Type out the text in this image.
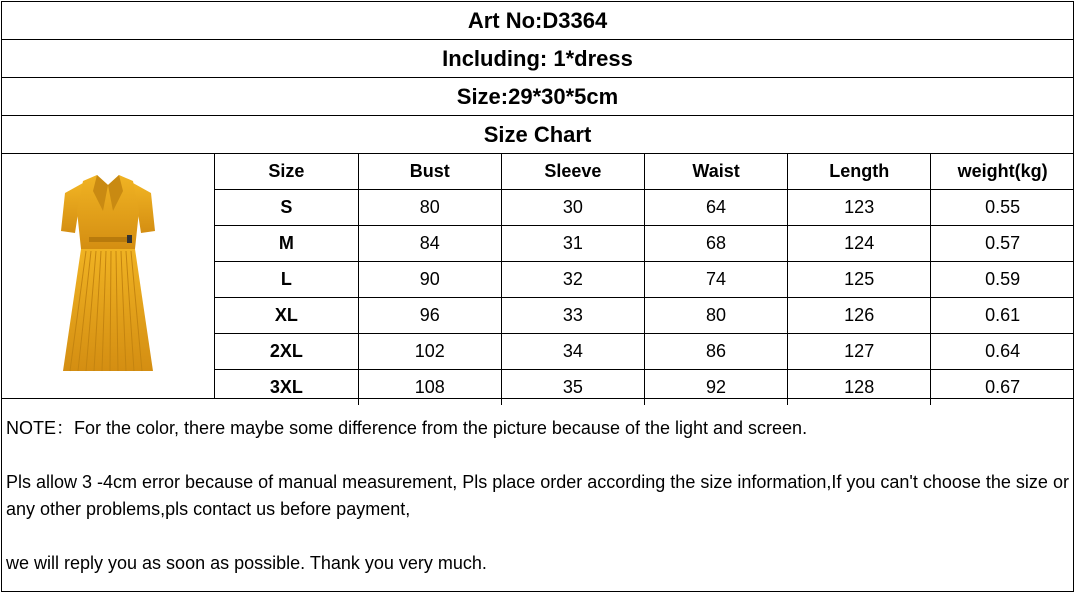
Art No:D3364
Including: 1*dress
Size:29*30*5cm
Size Chart
Size	Bust	Sleeve	Waist	Length	weight(kg)
S	80	30	64	123	0.55
M	84	31	68	124	0.57
L	90	32	74	125	0.59
XL	96	33	80	126	0.61
2XL	102	34	86	127	0.64
3XL	108	35	92	128	0.67

NOTE：For the color, there maybe some difference from the picture because of the light and screen.

Pls allow 3 -4cm error because of manual measurement, Pls place order according the size information,If you can't choose the size or any other problems,pls contact us before payment,

we will reply you as soon as possible. Thank you very much.
